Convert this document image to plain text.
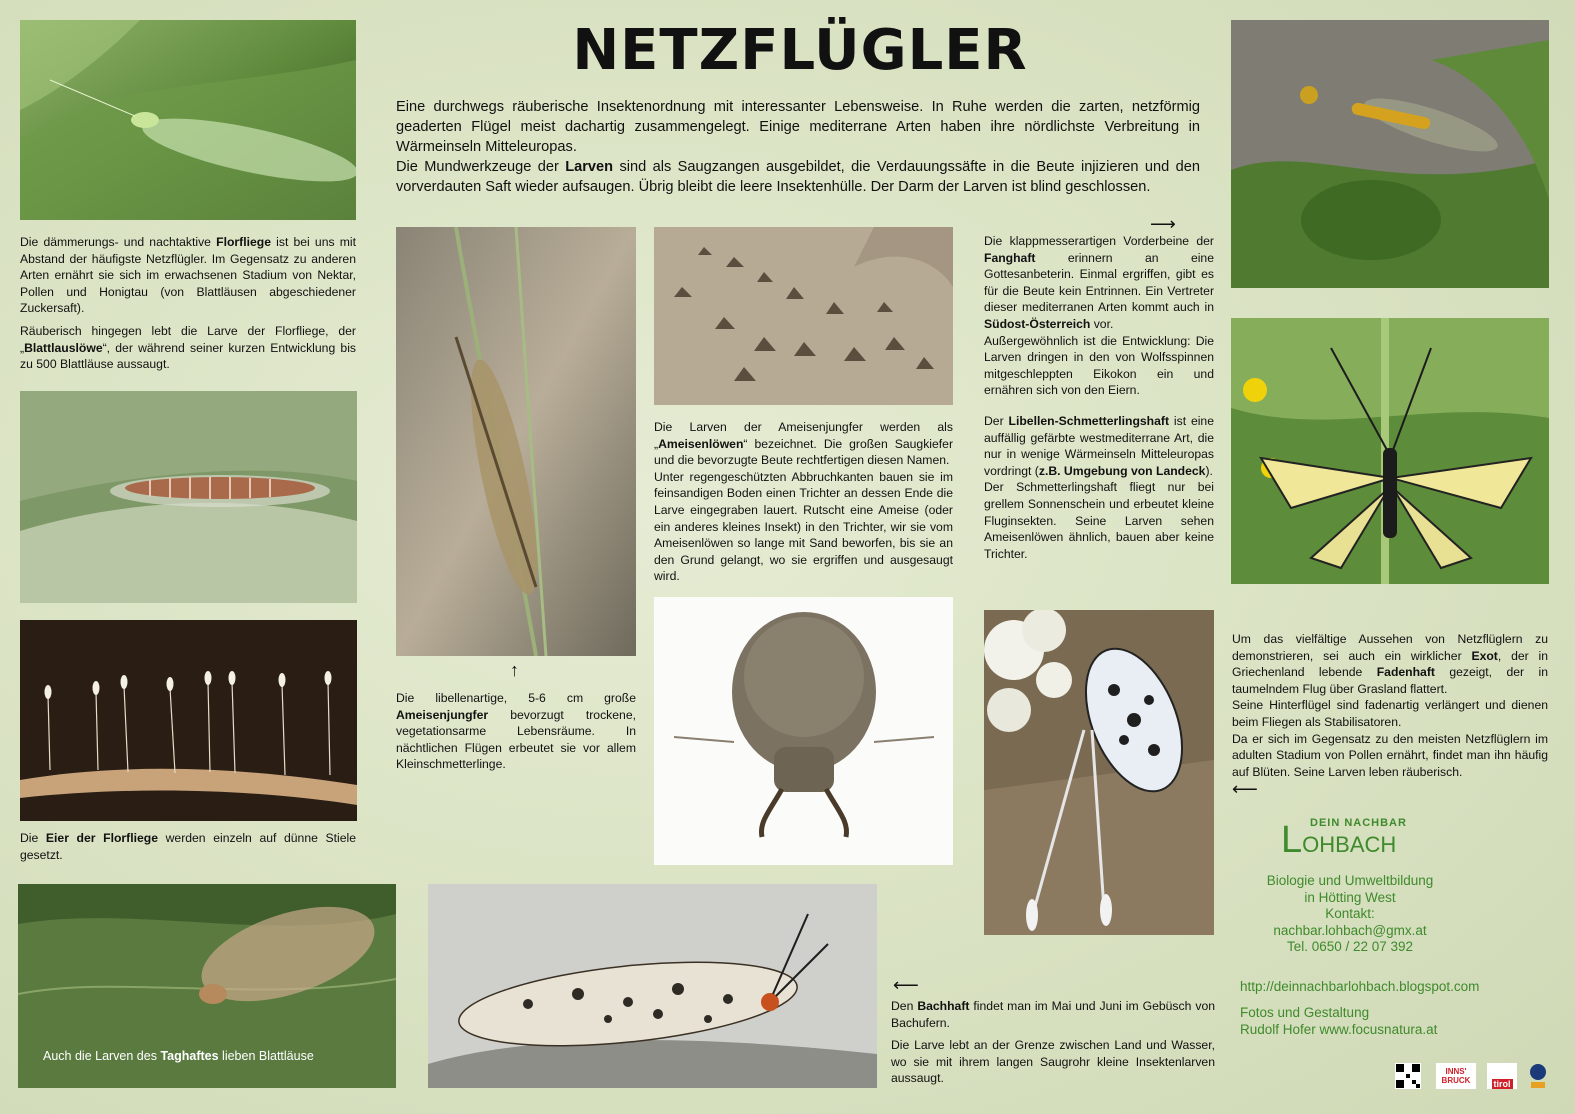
NETZFLÜGLER

Eine durchwegs räuberische Insektenordnung mit interessanter Lebensweise. In Ruhe werden die zarten, netzförmig geaderten Flügel meist dachartig zusammengelegt. Einige mediterrane Arten haben ihre nördlichste Verbreitung in Wärmeinseln Mitteleuropas.

Die Mundwerkzeuge der Larven sind als Saugzangen ausgebildet, die Verdauungssäfte in die Beute injizieren und den vorverdauten Saft wieder aufsaugen. Übrig bleibt die leere Insektenhülle. Der Darm der Larven ist blind geschlossen.

Die dämmerungs- und nachtaktive Florfliege ist bei uns mit Abstand der häufigste Netzflügler. Im Gegensatz zu anderen Arten ernährt sie sich im erwachsenen Stadium von Nektar, Pollen und Honigtau (von Blattläusen abgeschiedener Zuckersaft).

Räuberisch hingegen lebt die Larve der Florfliege, der „Blattlauslöwe“, der während seiner kurzen Entwicklung bis zu 500 Blattläuse aussaugt.

Die Eier der Florfliege werden einzeln auf dünne Stiele gesetzt.

Auch die Larven des Taghaftes lieben Blattläuse
↑

Die libellenartige, 5-6 cm große Ameisenjungfer bevorzugt trockene, vegetationsarme Lebensräume. In nächtlichen Flügen erbeutet sie vor allem Kleinschmetterlinge.

Die Larven der Ameisenjungfer werden als „Ameisenlöwen“ bezeichnet. Die großen Saugkiefer und die bevorzugte Beute rechtfertigen diesen Namen.

Unter regengeschützten Abbruchkanten bauen sie im feinsandigen Boden einen Trichter an dessen Ende die Larve eingegraben lauert. Rutscht eine Ameise (oder ein anderes kleines Insekt) in den Trichter, wir sie vom Ameisenlöwen so lange mit Sand beworfen, bis sie an den Grund gelangt, wo sie ergriffen und ausgesaugt wird.

⟶

Die klappmesserartigen Vorderbeine der Fanghaft erinnern an eine Gottesanbeterin. Einmal ergriffen, gibt es für die Beute kein Entrinnen. Ein Vertreter dieser mediterranen Arten kommt auch in Südost-Österreich vor.

Außergewöhnlich ist die Entwicklung: Die Larven dringen in den von Wolfsspinnen mitgeschleppten Eikokon ein und ernähren sich von den Eiern.

Der Libellen-Schmetterlingshaft ist eine auffällig gefärbte westmediterrane Art, die nur in wenige Wärmeinseln Mitteleuropas vordringt (z.B. Umgebung von Landeck).

Der Schmetterlingshaft fliegt nur bei grellem Sonnenschein und erbeutet kleine Fluginsekten. Seine Larven sehen Ameisenlöwen ähnlich, bauen aber keine Trichter.

Um das vielfältige Aussehen von Netzflüglern zu demonstrieren, sei auch ein wirklicher Exot, der in Griechenland lebende Fadenhaft gezeigt, der in taumelndem Flug über Grasland flattert.

Seine Hinterflügel sind fadenartig verlängert und dienen beim Fliegen als Stabilisatoren.

Da er sich im Gegensatz zu den meisten Netzflüglern im adulten Stadium von Pollen ernährt, findet man ihn häufig auf Blüten. Seine Larven leben räuberisch.

⟵
⟵

Den Bachhaft findet man im Mai und Juni im Gebüsch von Bachufern.

Die Larve lebt an der Grenze zwischen Land und Wasser, wo sie mit ihrem langen Saugrohr kleine Insektenlarven aussaugt.

DEIN NACHBAR
LOHBACH
Biologie und Umweltbildung
in Hötting West
Kontakt:
nachbar.lohbach@gmx.at
Tel. 0650 / 22 07 392
http://deinnachbarlohbach.blogspot.com
Fotos und Gestaltung
Rudolf Hofer www.focusnatura.at
INNS' BRUCK	tirol
